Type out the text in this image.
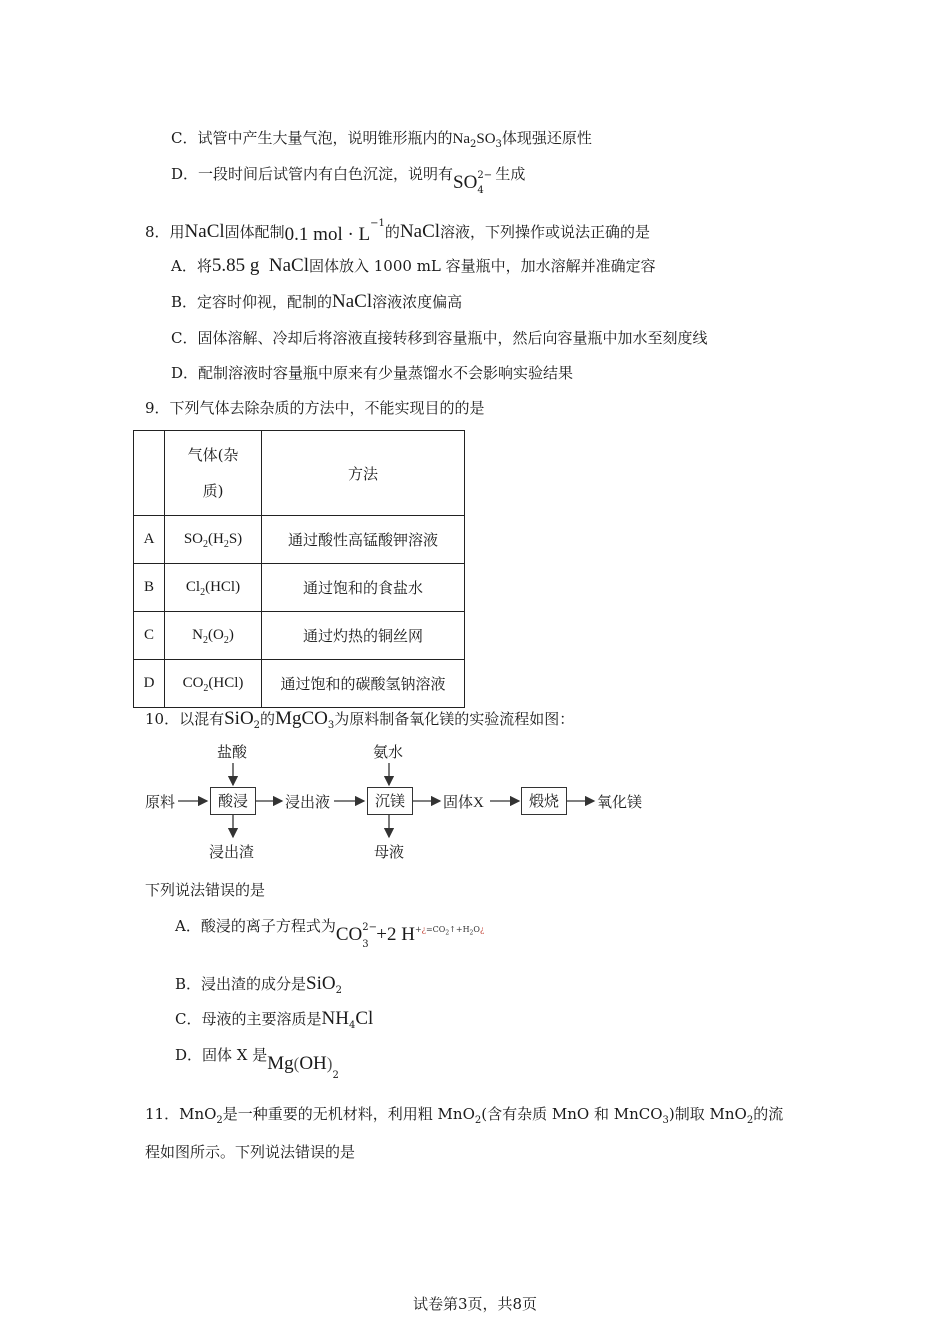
C．试管中产生大量气泡，说明锥形瓶内的$Na_2SO_3$体现强还原性
D．一段时间后试管内有白色沉淀，说明有SO 2−
4
生成
8．用NaCl固体配制0.1 mol · $L^{-1}$的NaCl溶液，下列操作或说法正确的是
A．将5.85 g NaCl固体放入 1000 mL 容量瓶中，加水溶解并准确定容
B．定容时仰视，配制的NaCl溶液浓度偏高
C．固体溶解、冷却后将溶液直接转移到容量瓶中，然后向容量瓶中加水至刻度线
D．配制溶液时容量瓶中原来有少量蒸馏水不会影响实验结果
9．下列气体去除杂质的方法中，不能实现目的的是
	气体(杂
质)	方法
A	$SO_2(H_2S)$	通过酸性高锰酸钾溶液
B	$Cl_2(HCl)$	通过饱和的食盐水
C	$N_2(O_2)$	通过灼热的铜丝网
D	$CO_2(HCl)$	通过饱和的碳酸氢钠溶液
10．以混有SiO$_2$的MgCO$_3$为原料制备氧化镁的实验流程如图：
盐酸	氨水
原料	酸浸	浸出液	沉镁	固体X	煅烧	氧化镁
浸出渣	母液
下列说法错误的是
A．酸浸的离子方程式为CO 2−
3 +2 $H+¿=CO_2↑+H_2O¿$
B．浸出渣的成分是SiO$_2$
C．母液的主要溶质是$NH_4Cl$
D．固体 X 是$Mg(OH)_2$
11．MnO$_2$是一种重要的无机材料，利用粗 MnO$_2$(含有杂质 MnO 和 MnCO$_3$)制取 MnO$_2$的流
程如图所示。下列说法错误的是
试卷第3页，共8页
